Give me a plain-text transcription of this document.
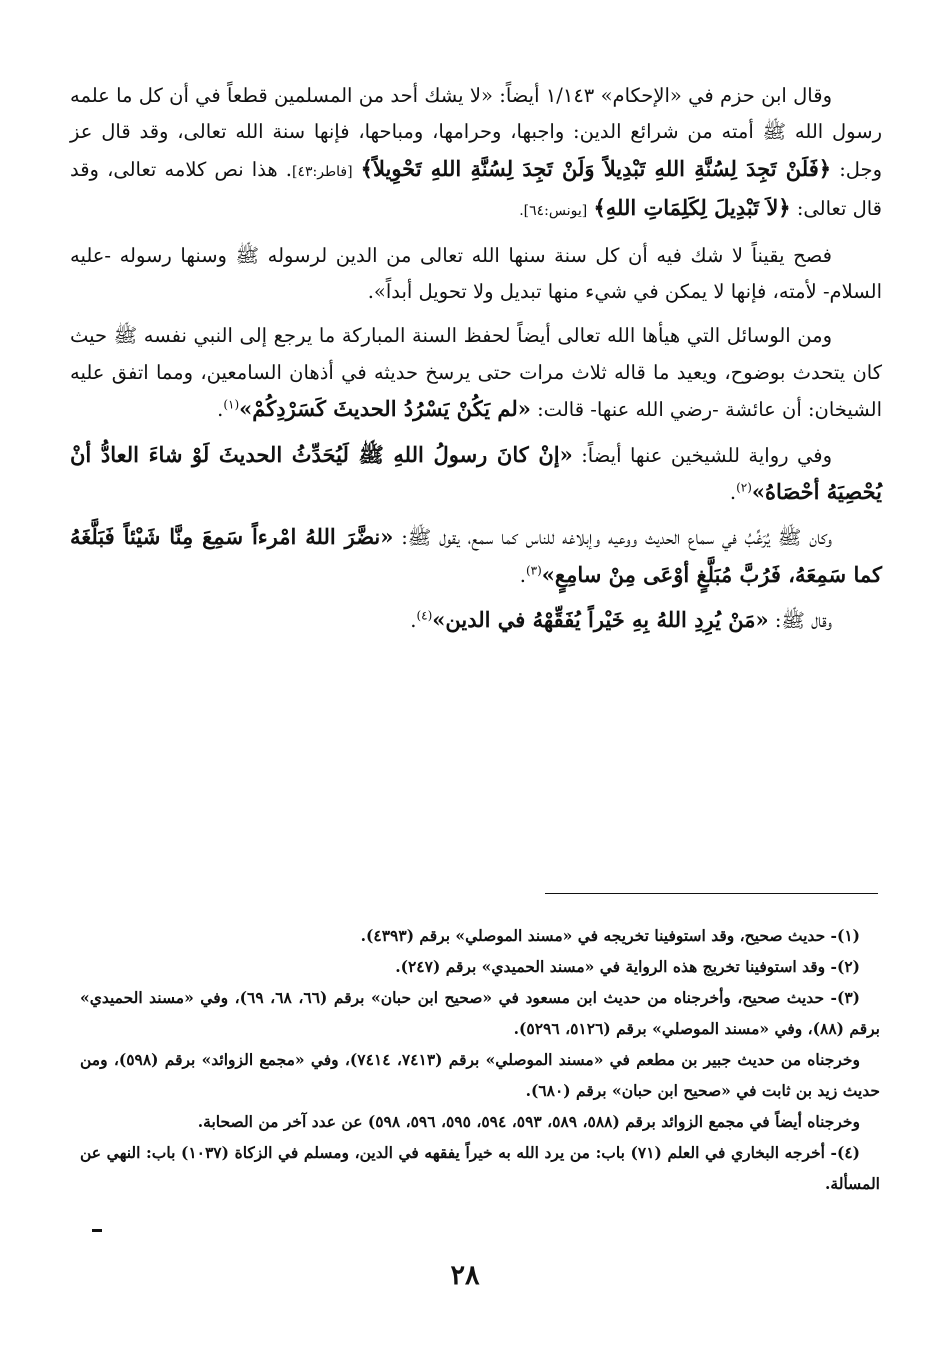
وقال ابن حزم في «الإحكام» ١/١٤٣ أيضاً: «لا يشك أحد من المسلمين قطعاً في أن كل ما علمه رسول الله ﷺ أمته من شرائع الدين: واجبها، وحرامها، ومباحها، فإنها سنة الله تعالى، وقد قال عز وجل: ﴿فَلَنْ تَجِدَ لِسُنَّةِ اللهِ تَبْدِيلاً وَلَنْ تَجِدَ لِسُنَّةِ اللهِ تَحْوِيلاً﴾ [فاطر:٤٣]. هذا نص كلامه تعالى، وقد قال تعالى: ﴿لاَ تَبْدِيلَ لِكَلِمَاتِ اللهِ﴾ [يونس:٦٤].

فصح يقيناً لا شك فيه أن كل سنة سنها الله تعالى من الدين لرسوله ﷺ وسنها رسوله -عليه السلام- لأمته، فإنها لا يمكن في شيء منها تبديل ولا تحويل أبداً».

ومن الوسائل التي هيأها الله تعالى أيضاً لحفظ السنة المباركة ما يرجع إلى النبي نفسه ﷺ حيث كان يتحدث بوضوح، ويعيد ما قاله ثلاث مرات حتى يرسخ حديثه في أذهان السامعين، ومما اتفق عليه الشيخان: أن عائشة -رضي الله عنها- قالت: «لم يَكُنْ يَسْرُدُ الحديثَ كَسَرْدِكُمْ»$^{(١)}$.

وفي رواية للشيخين عنها أيضاً: «إنْ كانَ رسولُ اللهِ ﷺ لَيُحَدِّثُ الحديثَ لَوْ شاءَ العادُّ أنْ يُحْصِيَهُ أحْصَاهُ»$^{(٢)}$.

وكان ﷺ يُرَغِّبُ في سماع الحديث ووعيه وإبلاغه للناس كما سمع، يقول ﷺ: «نضَّرَ اللهُ امْرءاً سَمِعَ مِنَّا شَيْئاً فَبَلَّغَهُ كما سَمِعَهُ، فَرُبَّ مُبَلَّغٍ أوْعَى مِنْ سامِعٍ»$^{(٣)}$.

وقال ﷺ: «مَنْ يُرِدِ اللهُ بِهِ خَيْراً يُفَقِّهْهُ في الدين»$^{(٤)}$.

(١)- حديث صحيح، وقد استوفينا تخريجه في «مسند الموصلي» برقم (٤٣٩٣).
(٢)- وقد استوفينا تخريج هذه الرواية في «مسند الحميدي» برقم (٢٤٧).
(٣)- حديث صحيح، وأخرجناه من حديث ابن مسعود في «صحيح ابن حبان» برقم (٦٦، ٦٨، ٦٩)، وفي «مسند الحميدي» برقم (٨٨)، وفي «مسند الموصلي» برقم (٥١٢٦، ٥٢٩٦).
وخرجناه من حديث جبير بن مطعم في «مسند الموصلي» برقم (٧٤١٣، ٧٤١٤)، وفي «مجمع الزوائد» برقم (٥٩٨)، ومن حديث زيد بن ثابت في «صحيح ابن حبان» برقم (٦٨٠).
وخرجناه أيضاً في مجمع الزوائد برقم (٥٨٨، ٥٨٩، ٥٩٣، ٥٩٤، ٥٩٥، ٥٩٦، ٥٩٨) عن عدد آخر من الصحابة.
(٤)- أخرجه البخاري في العلم (٧١) باب: من يرد الله به خيراً يفقهه في الدين، ومسلم في الزكاة (١٠٣٧) باب: النهي عن المسألة.
٢٨
